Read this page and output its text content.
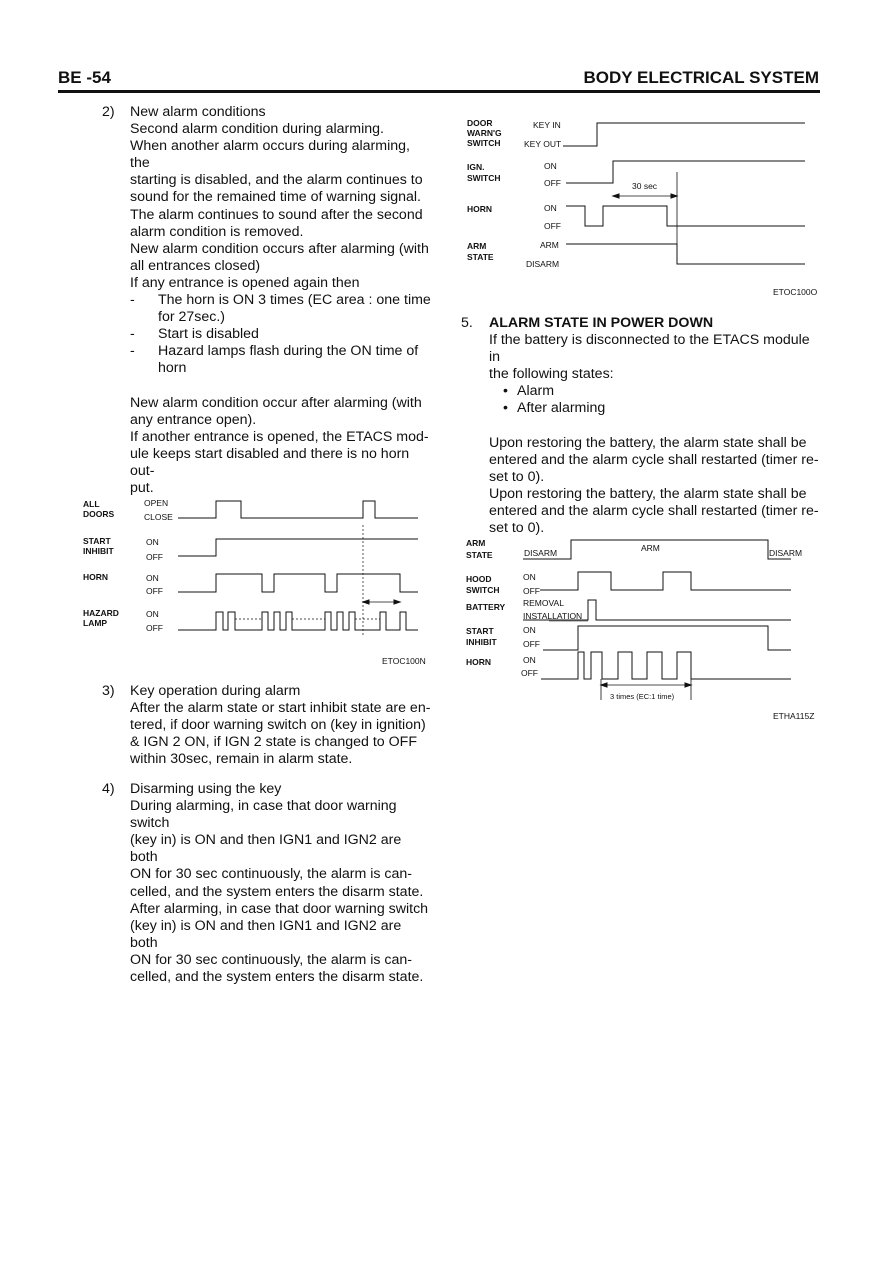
BE -54	BODY ELECTRICAL SYSTEM
2) New alarm conditions

Second alarm condition during alarming.

When another alarm occurs during alarming, the

starting is disabled, and the alarm continues to

sound for the remained time of warning signal.

The alarm continues to sound after the second

alarm condition is removed.

New alarm condition occurs after alarming (with

all entrances closed)

If any entrance is opened again then

-	The horn is ON 3 times (EC area : one time

for 27sec.)

-	Start is disabled

-	Hazard lamps flash during the ON time of

horn

New alarm condition occur after alarming (with

any entrance open).

If another entrance is opened, the ETACS mod-

ule keeps start disabled and there is no horn out-

put.

ALL
DOORS
OPEN
CLOSE
START
INHIBIT
ON
OFF
HORN	ON
OFF
HAZARD
LAMP
ON
OFF
ETOC100N
3) Key operation during alarm

After the alarm state or start inhibit state are en-

tered, if door warning switch on (key in ignition)

& IGN 2 ON, if IGN 2 state is changed to OFF

within 30sec, remain in alarm state.

4) Disarming using the key

During alarming, in case that door warning switch

(key in) is ON and then IGN1 and IGN2 are both

ON for 30 sec continuously, the alarm is can-

celled, and the system enters the disarm state.

After alarming, in case that door warning switch

(key in) is ON and then IGN1 and IGN2 are both

ON for 30 sec continuously, the alarm is can-

celled, and the system enters the disarm state.

DOOR
WARN'G
SWITCH
KEY IN
KEY OUT
IGN.
SWITCH
ON
OFF	30 sec
HORN	ON
OFF
ARM
STATE
ARM
DISARM
ETOC100O
5. ALARM STATE IN POWER DOWN

If the battery is disconnected to the ETACS module in

the following states:

• Alarm
• After alarming

Upon restoring the battery, the alarm state shall be

entered and the alarm cycle shall restarted (timer re-

set to 0).

Upon restoring the battery, the alarm state shall be

entered and the alarm cycle shall restarted (timer re-

set to 0).

ARM
STATE	DISARM	ARM	DISARM
HOOD
SWITCH
ON
OFF
BATTERY REMOVAL
INSTALLATION
START
INHIBIT
ON
OFF
HORN	ON
OFF
3 times (EC:1 time)
ETHA115Z
